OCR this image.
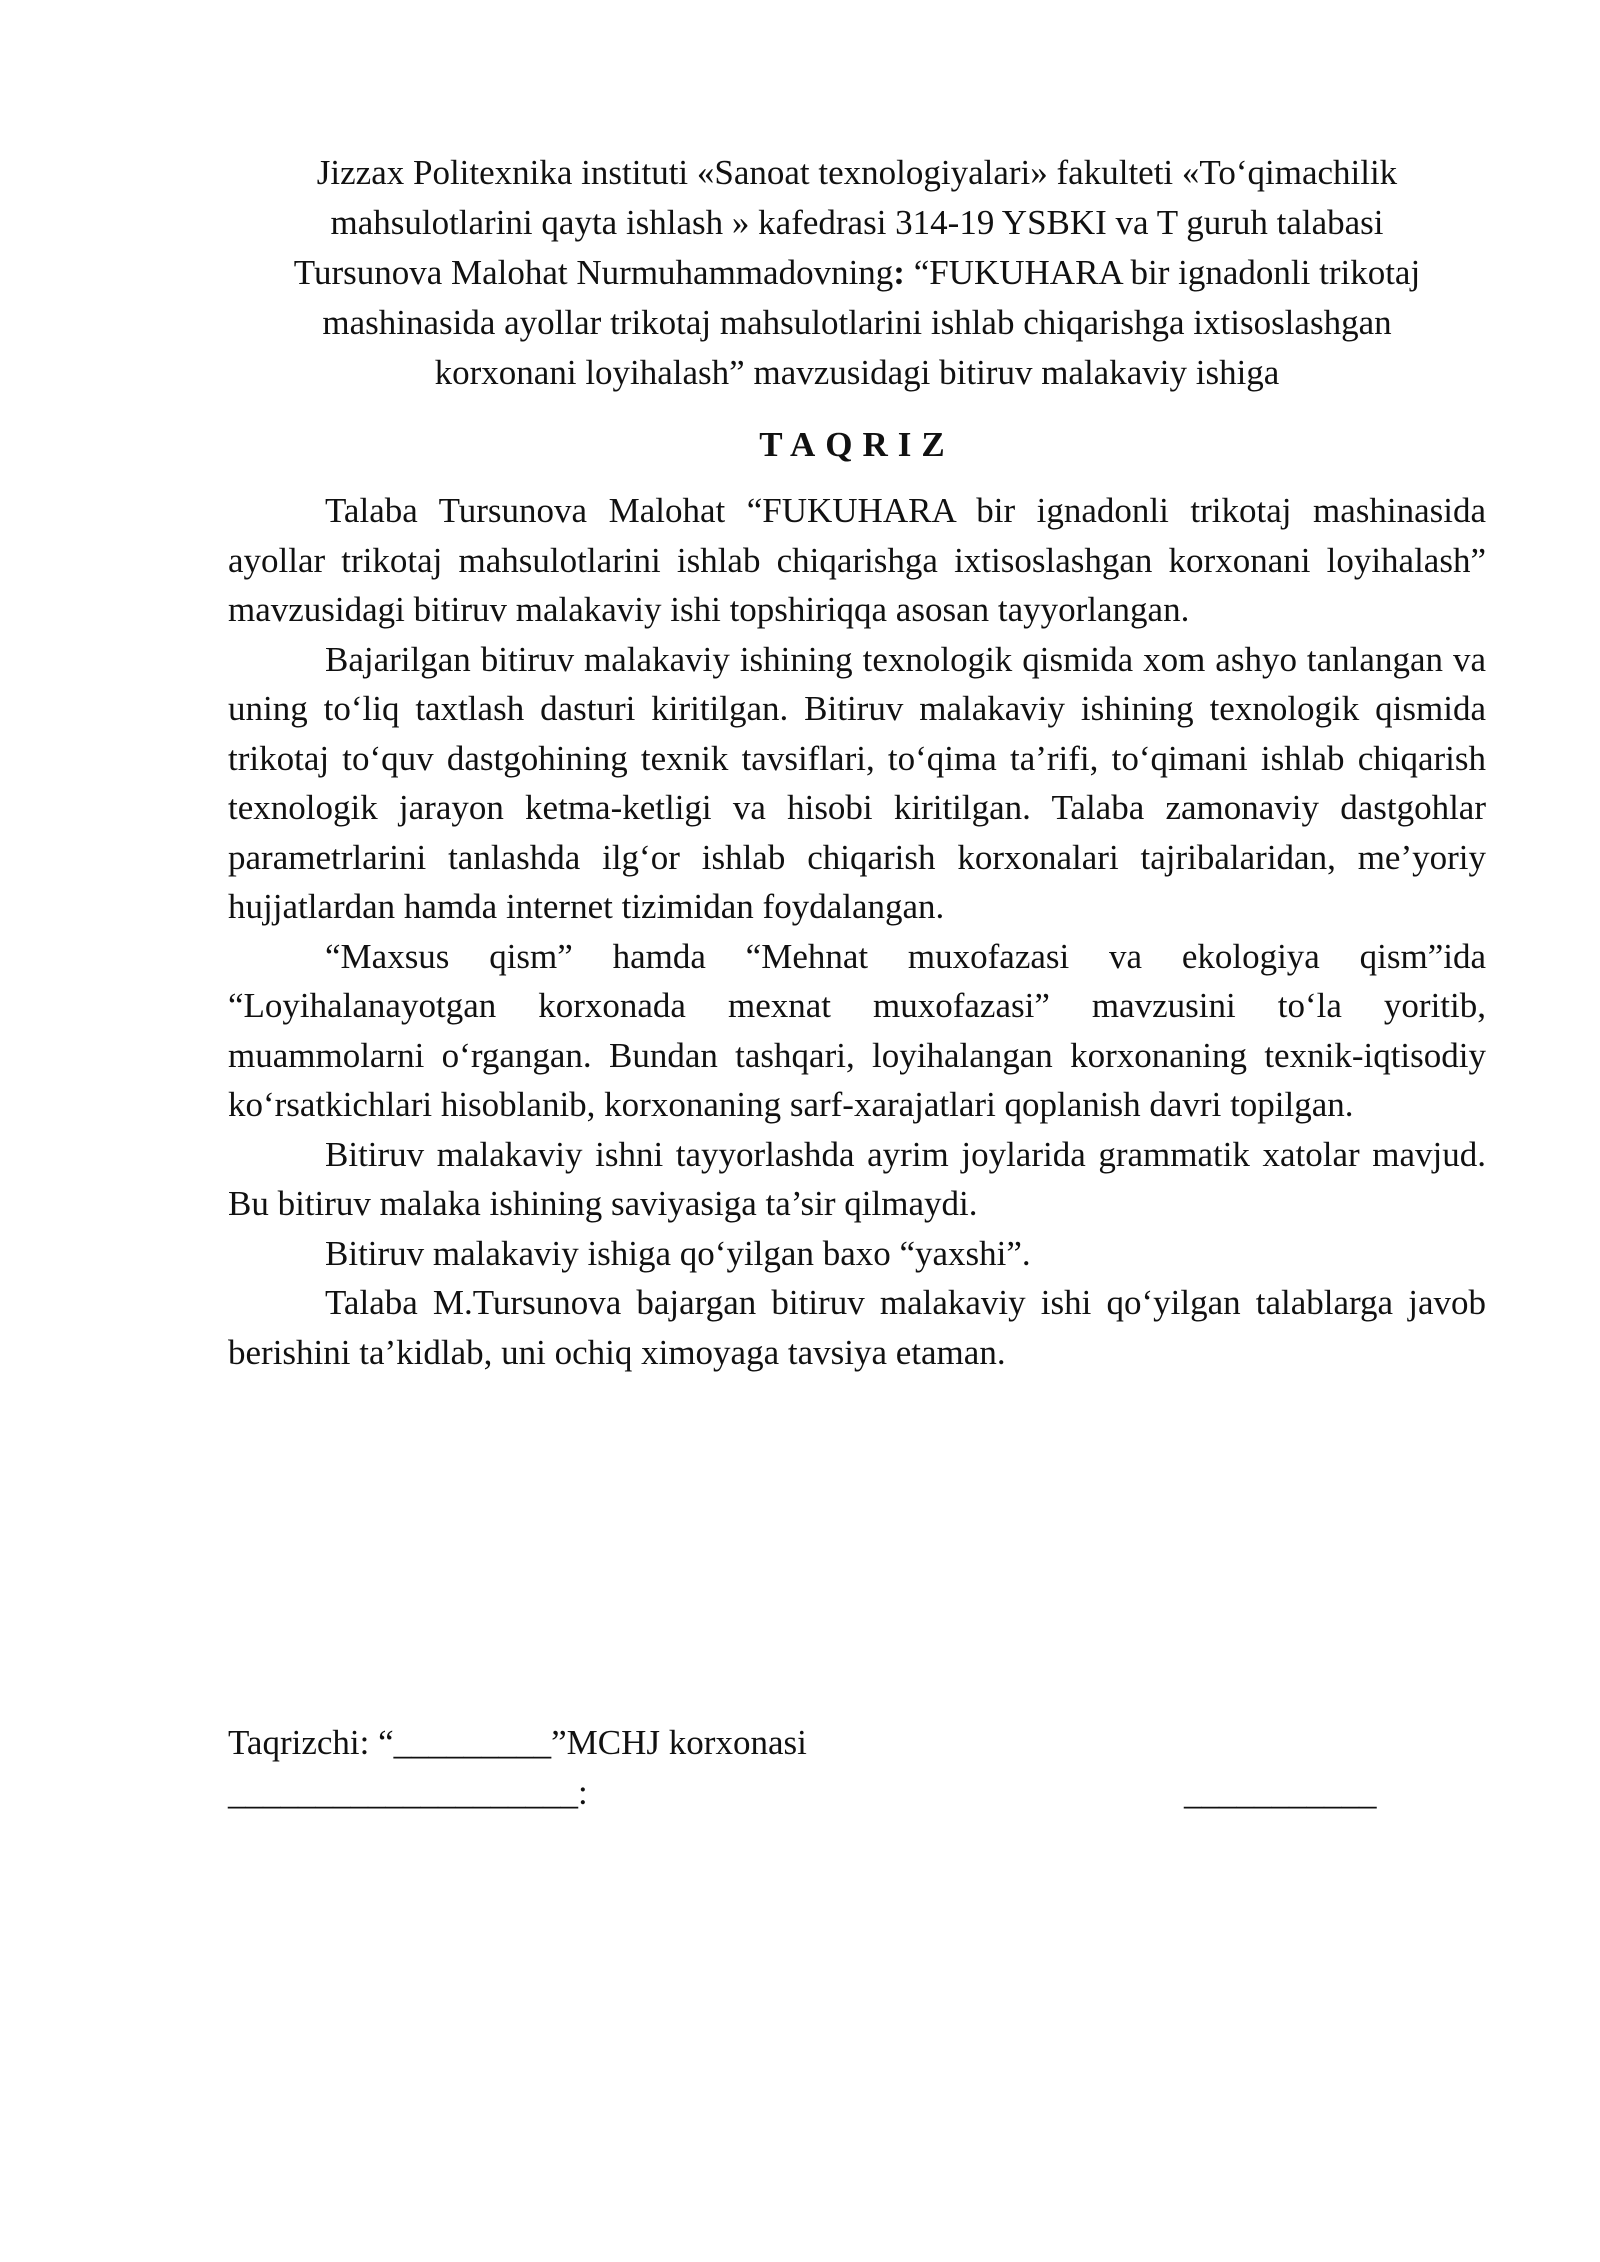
Jizzax Politexnika instituti «Sanoat texnologiyalari» fakulteti «To‘qimachilik
mahsulotlarini qayta ishlash » kafedrasi 314-19 YSBKI va T guruh talabasi
Tursunova Malohat Nurmuhammadovning: “FUKUHARA bir ignadonli trikotaj
mashinasida ayollar trikotaj mahsulotlarini ishlab chiqarishga ixtisoslashgan
korxonani loyihalash” mavzusidagi bitiruv malakaviy ishiga
TAQRIZ

Talaba Tursunova Malohat “FUKUHARA bir ignadonli trikotaj mashinasida ayollar trikotaj mahsulotlarini ishlab chiqarishga ixtisoslashgan korxonani loyihalash” mavzusidagi bitiruv malakaviy ishi topshiriqqa asosan tayyorlangan.

Bajarilgan bitiruv malakaviy ishining texnologik qismida xom ashyo tanlangan va uning to‘liq taxtlash dasturi kiritilgan. Bitiruv malakaviy ishining texnologik qismida trikotaj to‘quv dastgohining texnik tavsiflari, to‘qima ta’rifi, to‘qimani ishlab chiqarish texnologik jarayon ketma-ketligi va hisobi kiritilgan. Talaba zamonaviy dastgohlar parametrlarini tanlashda ilg‘or ishlab chiqarish korxonalari tajribalaridan, me’yoriy hujjatlardan hamda internet tizimidan foydalangan.

“Maxsus qism” hamda “Mehnat muxofazasi va ekologiya qism”ida “Loyihalanayotgan korxonada mexnat muxofazasi” mavzusini to‘la yoritib, muammolarni o‘rgangan. Bundan tashqari, loyihalangan korxonaning texnik-iqtisodiy ko‘rsatkichlari hisoblanib, korxonaning sarf-xarajatlari qoplanish davri topilgan.

Bitiruv malakaviy ishni tayyorlashda ayrim joylarida grammatik xatolar mavjud. Bu bitiruv malaka ishining saviyasiga ta’sir qilmaydi.

Bitiruv malakaviy ishiga qo‘yilgan baxo “yaxshi”.

Talaba M.Tursunova bajargan bitiruv malakaviy ishi qo‘yilgan talablarga javob berishini ta’kidlab, uni ochiq ximoyaga tavsiya etaman.

Taqrizchi: “_________”MCHJ korxonasi

____________________:

	___________
